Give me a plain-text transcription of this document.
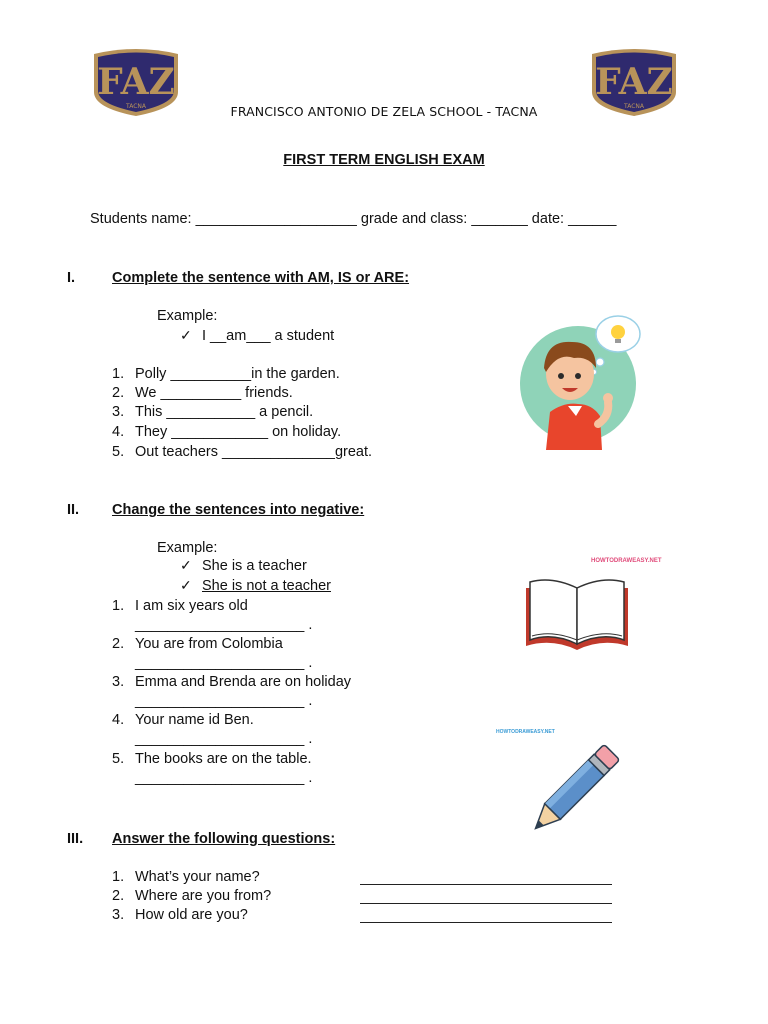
FAZ
TACNA
FAZ
TACNA
FRANCISCO ANTONIO DE ZELA SCHOOL - TACNA
FIRST TERM ENGLISH EXAM
Students name: ____________________ grade and class: _______ date: ______
I.	Complete the sentence with AM, IS or ARE:
Example:
✓ I __am___ a student
1. Polly __________in the garden.
2. We __________ friends.
3. This ___________ a pencil.
4. They ____________ on holiday.
5. Out teachers ______________great.
II. Change the sentences into negative:
Example:
✓ She is a teacher
✓ She is not a teacher
1. I am six years old
_____________________ .
2. You are from Colombia
_____________________ .
3. Emma and Brenda are on holiday
_____________________ .
4. Your name id Ben.
_____________________ .
5. The books are on the table.
_____________________ .
HOWTODRAWEASY.NET
HOWTODRAWEASY.NET
III. Answer the following questions:
1. What’s your name?
2. Where are you from?
3. How old are you?
